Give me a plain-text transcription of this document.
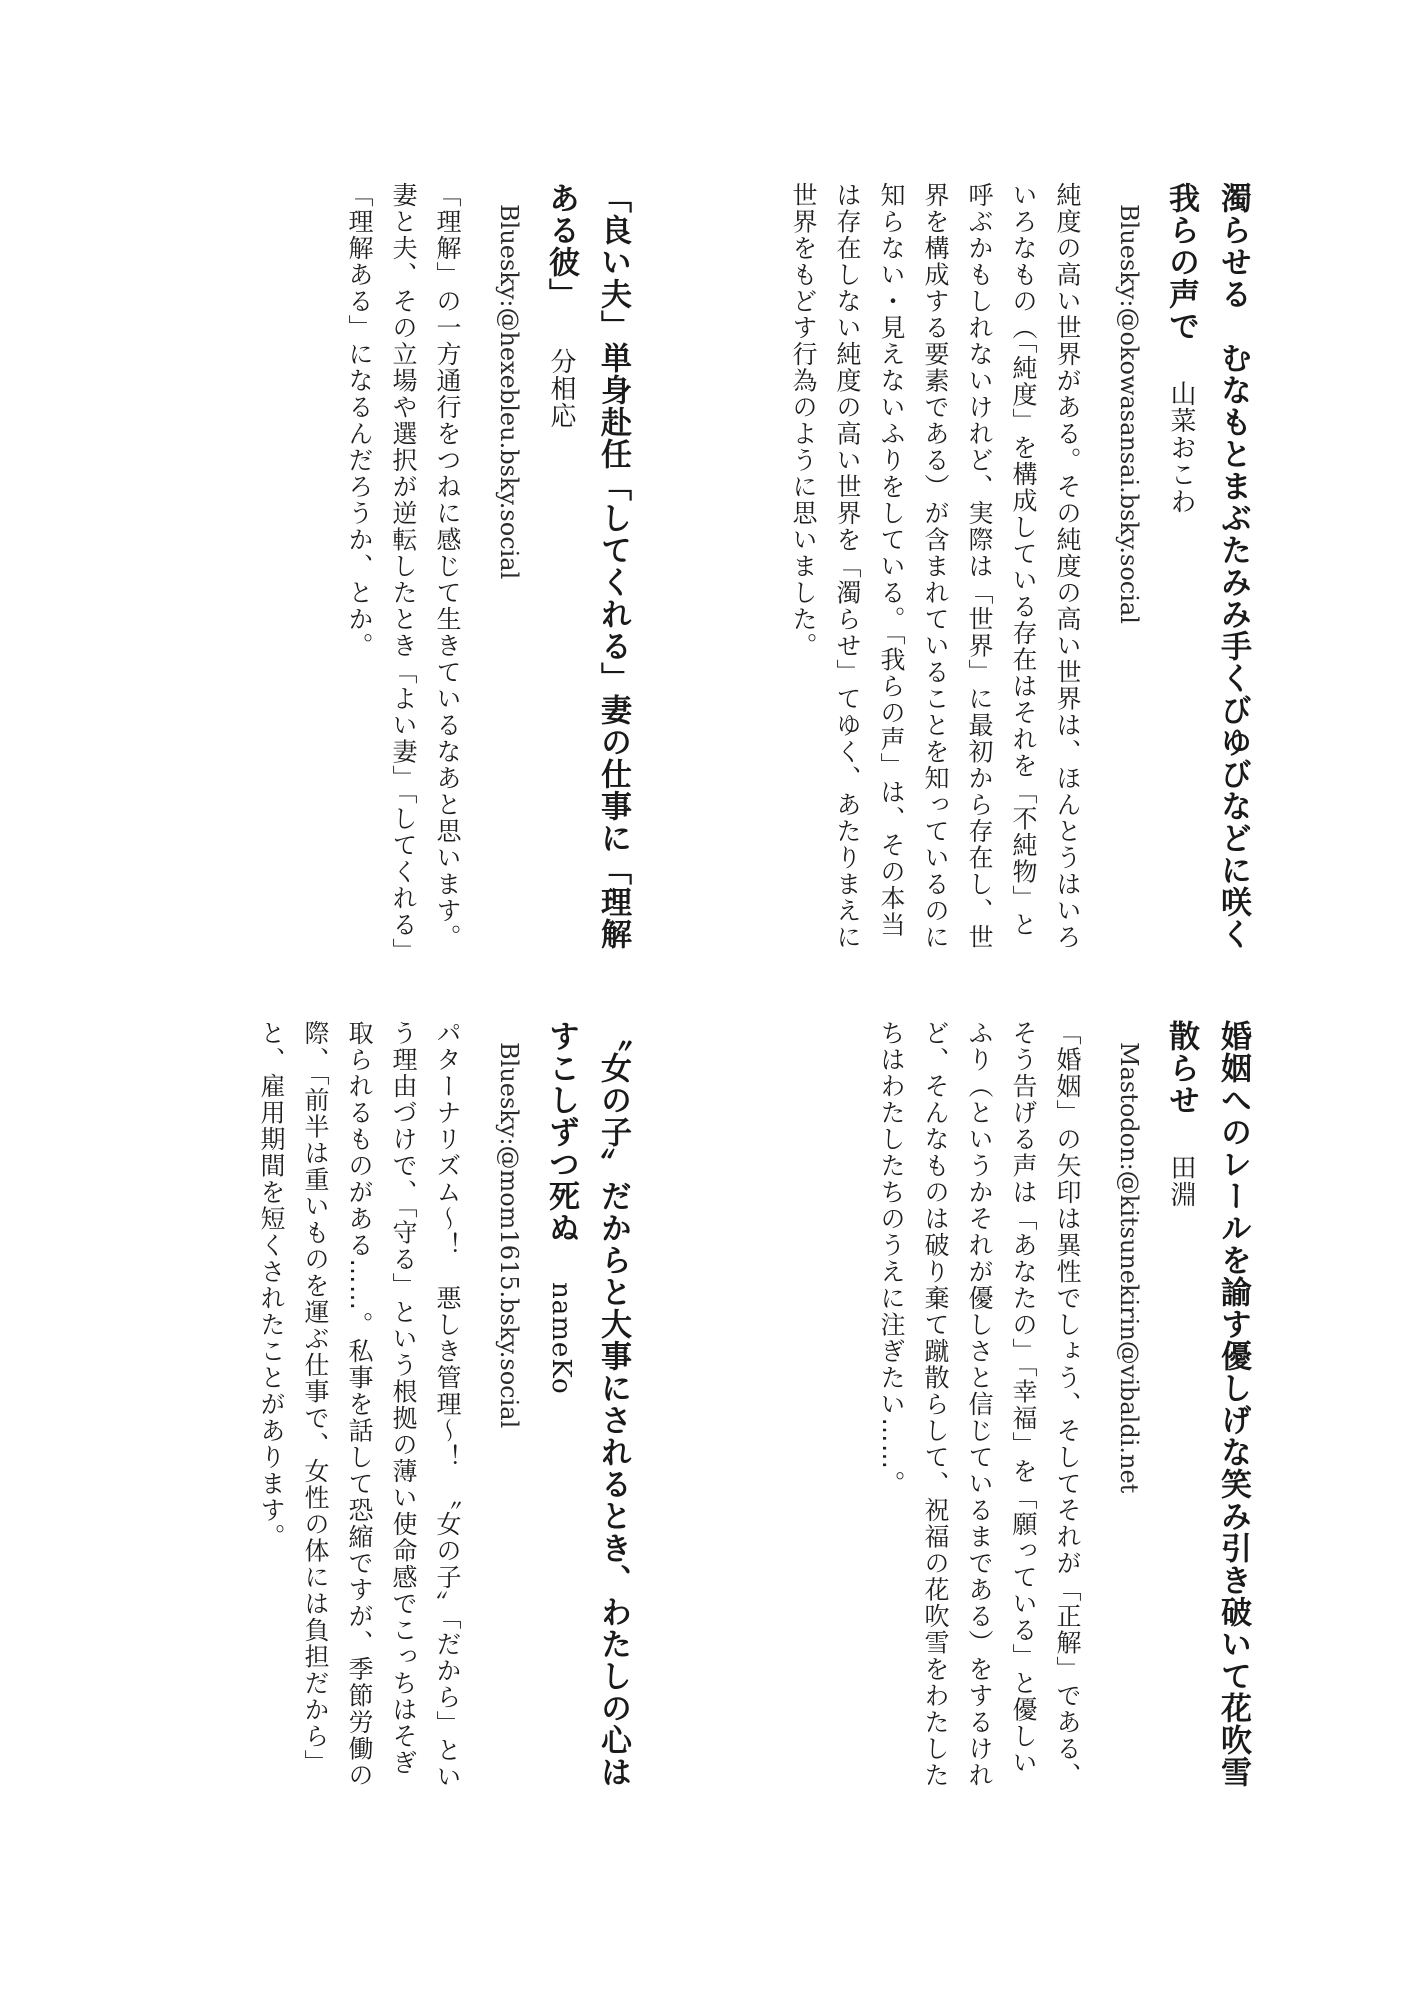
濁らせる　むなもとまぶたみみ手くびゆびなどに咲く我らの声で山菜おこわ
Bluesky:@okowasansai.bsky.social
純度の高い世界がある。その純度の高い世界は、ほんとうはいろいろなもの（「純度」を構成している存在はそれを「不純物」と呼ぶかもしれないけれど、実際は「世界」に最初から存在し、世界を構成する要素である）が含まれていることを知っているのに知らない・見えないふりをしている。「我らの声」は、その本当は存在しない純度の高い世界を「濁らせ」てゆく、あたりまえに世界をもどす行為のように思いました。
「良い夫」単身赴任「してくれる」妻の仕事に「理解ある彼」分相応
Bluesky:@hexebleu.bsky.social
「理解」の一方通行をつねに感じて生きているなあと思います。妻と夫、その立場や選択が逆転したとき「よい妻」「してくれる」「理解ある」になるんだろうか、とか。
婚姻へのレールを諭す優しげな笑み引き破いて花吹雪散らせ田淵
Mastodon:@kitsunekirin@vibaldi.net
「婚姻」の矢印は異性でしょう、そしてそれが「正解」である、そう告げる声は「あなたの」「幸福」を「願っている」と優しいふり（というかそれが優しさと信じているまである）をするけれど、そんなものは破り棄て蹴散らして、祝福の花吹雪をわたしたちはわたしたちのうえに注ぎたい……。
〝女の子〟だからと大事にされるとき、わたしの心はすこしずつ死ぬnameKo
Bluesky:@mom1615.bsky.social
パターナリズム〜！　悪しき管理〜！　〝女の子〟「だから」という理由づけで、「守る」という根拠の薄い使命感でこっちはそぎ取られるものがある……。私事を話して恐縮ですが、季節労働の際、「前半は重いものを運ぶ仕事で、女性の体には負担だから」と、雇用期間を短くされたことがあります。
